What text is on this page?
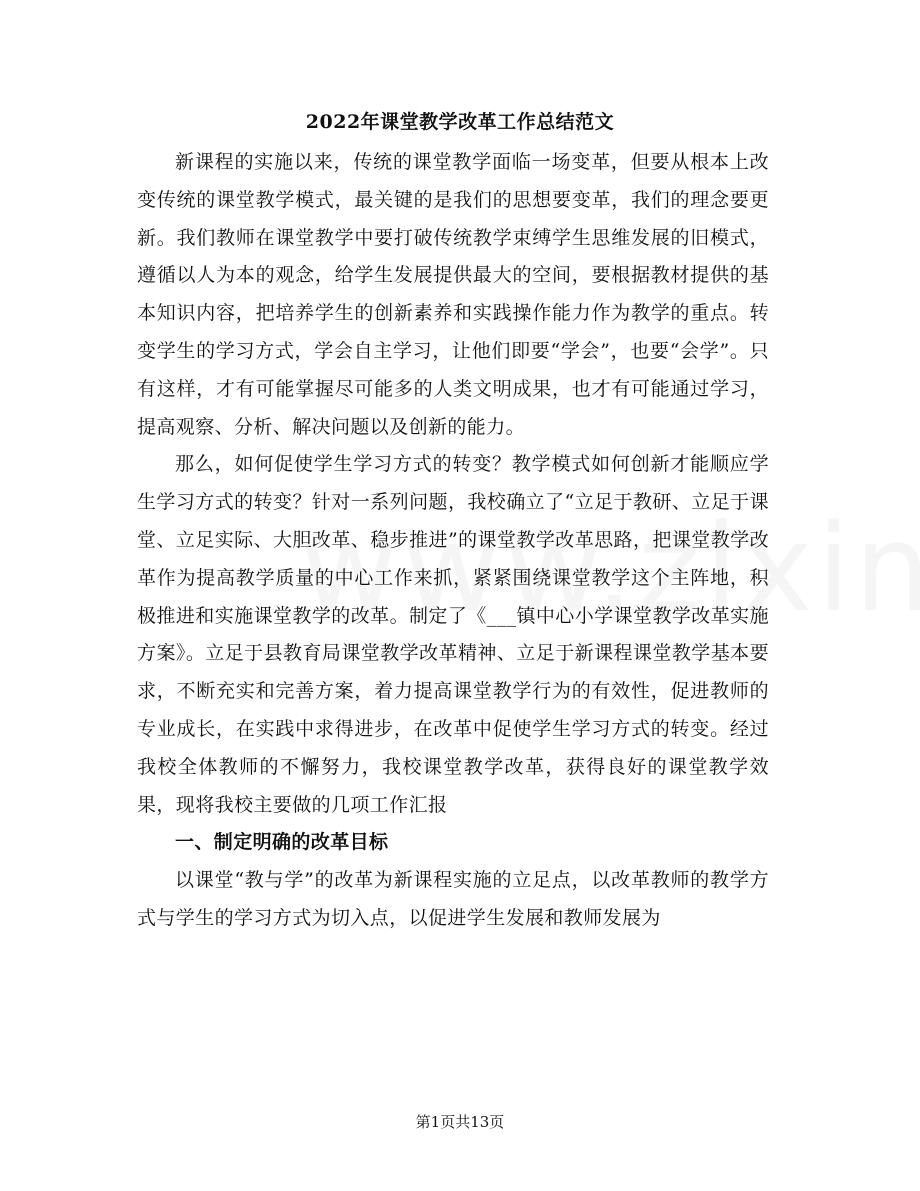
2022年课堂教学改革工作总结范文

新课程的实施以来，传统的课堂教学面临一场变革，但要从根本上改变传统的课堂教学模式，最关键的是我们的思想要变革，我们的理念要更新。我们教师在课堂教学中要打破传统教学束缚学生思维发展的旧模式，遵循以人为本的观念，给学生发展提供最大的空间，要根据教材提供的基本知识内容，把培养学生的创新素养和实践操作能力作为教学的重点。转变学生的学习方式，学会自主学习，让他们即要“学会”，也要“会学”。只有这样，才有可能掌握尽可能多的人类文明成果，也才有可能通过学习，提高观察、分析、解决问题以及创新的能力。

那么，如何促使学生学习方式的转变？教学模式如何创新才能顺应学生学习方式的转变？针对一系列问题，我校确立了“立足于教研、立足于课堂、立足实际、大胆改革、稳步推进”的课堂教学改革思路，把课堂教学改革作为提高教学质量的中心工作来抓，紧紧围绕课堂教学这个主阵地，积极推进和实施课堂教学的改革。制定了《___镇中心小学课堂教学改革实施方案》。立足于县教育局课堂教学改革精神、立足于新课程课堂教学基本要求，不断充实和完善方案，着力提高课堂教学行为的有效性，促进教师的专业成长，在实践中求得进步，在改革中促使学生学习方式的转变。经过我校全体教师的不懈努力，我校课堂教学改革，获得良好的课堂教学效果，现将我校主要做的几项工作汇报

一、制定明确的改革目标

以课堂“教与学”的改革为新课程实施的立足点，以改革教师的教学方式与学生的学习方式为切入点，以促进学生发展和教师发展为

第1页共13页
